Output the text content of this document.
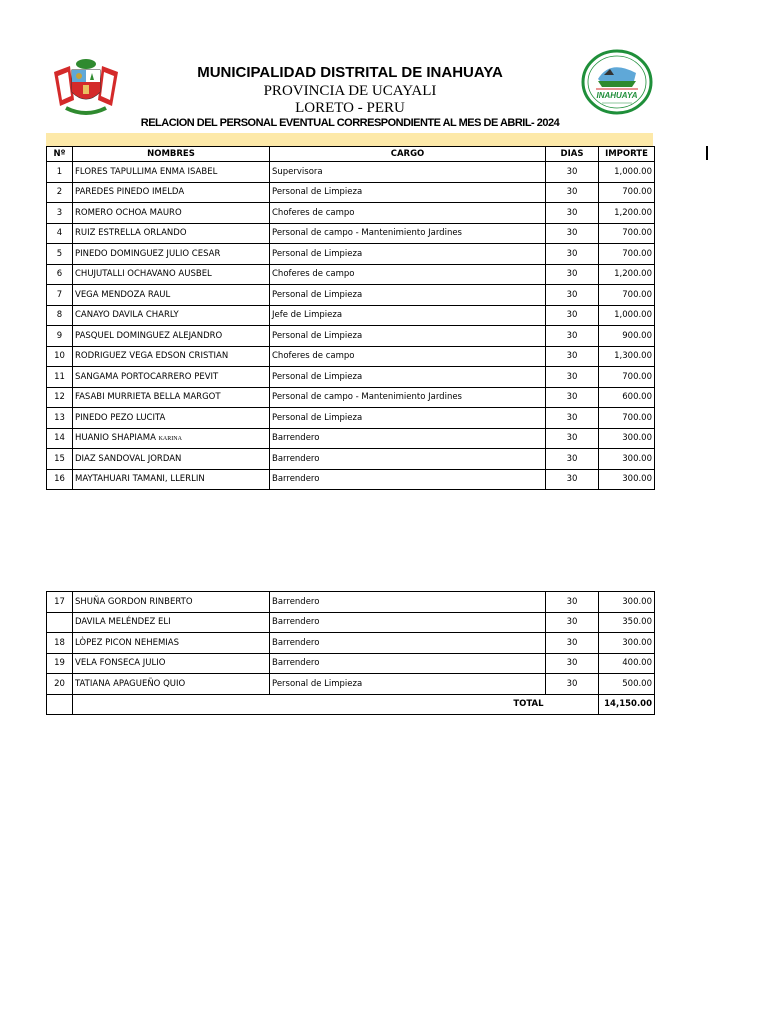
INAHUAYA
MUNICIPALIDAD DISTRITAL DE INAHUAYA
PROVINCIA DE UCAYALI
LORETO - PERU
RELACION DEL PERSONAL EVENTUAL CORRESPONDIENTE AL MES DE ABRIL- 2024
Nº	NOMBRES	CARGO	DIAS	IMPORTE
1	FLORES TAPULLIMA ENMA ISABEL	Supervisora	30	1,000.00
2	PAREDES PINEDO IMELDA	Personal de Limpieza	30	700.00
3	ROMERO OCHOA MAURO	Choferes de campo	30	1,200.00
4	RUIZ ESTRELLA ORLANDO	Personal de campo - Mantenimiento Jardines	30	700.00
5	PINEDO DOMINGUEZ JULIO CESAR	Personal de Limpieza	30	700.00
6	CHUJUTALLI OCHAVANO AUSBEL	Choferes de campo	30	1,200.00
7	VEGA MENDOZA RAUL	Personal de Limpieza	30	700.00
8	CANAYO DAVILA CHARLY	Jefe de Limpieza	30	1,000.00
9	PASQUEL DOMINGUEZ ALEJANDRO	Personal de Limpieza	30	900.00
10	RODRIGUEZ VEGA EDSON CRISTIAN	Choferes de campo	30	1,300.00
11	SANGAMA PORTOCARRERO PEVIT	Personal de Limpieza	30	700.00
12	FASABI MURRIETA BELLA MARGOT	Personal de campo - Mantenimiento Jardines	30	600.00
13	PINEDO PEZO LUCITA	Personal de Limpieza	30	700.00
14	HUANIO SHAPIAMA KARINA	Barrendero	30	300.00
15	DIAZ SANDOVAL JORDAN	Barrendero	30	300.00
16	MAYTAHUARI TAMANI, LLERLIN	Barrendero	30	300.00
17	SHUÑA GORDON RINBERTO	Barrendero	30	300.00
	DAVILA MELÉNDEZ ELI	Barrendero	30	350.00
18	LÒPEZ PICON NEHEMIAS	Barrendero	30	300.00
19	VELA FONSECA JULIO	Barrendero	30	400.00
20	TATIANA APAGUEÑO QUIO	Personal de Limpieza	30	500.00
	TOTAL			14,150.00
